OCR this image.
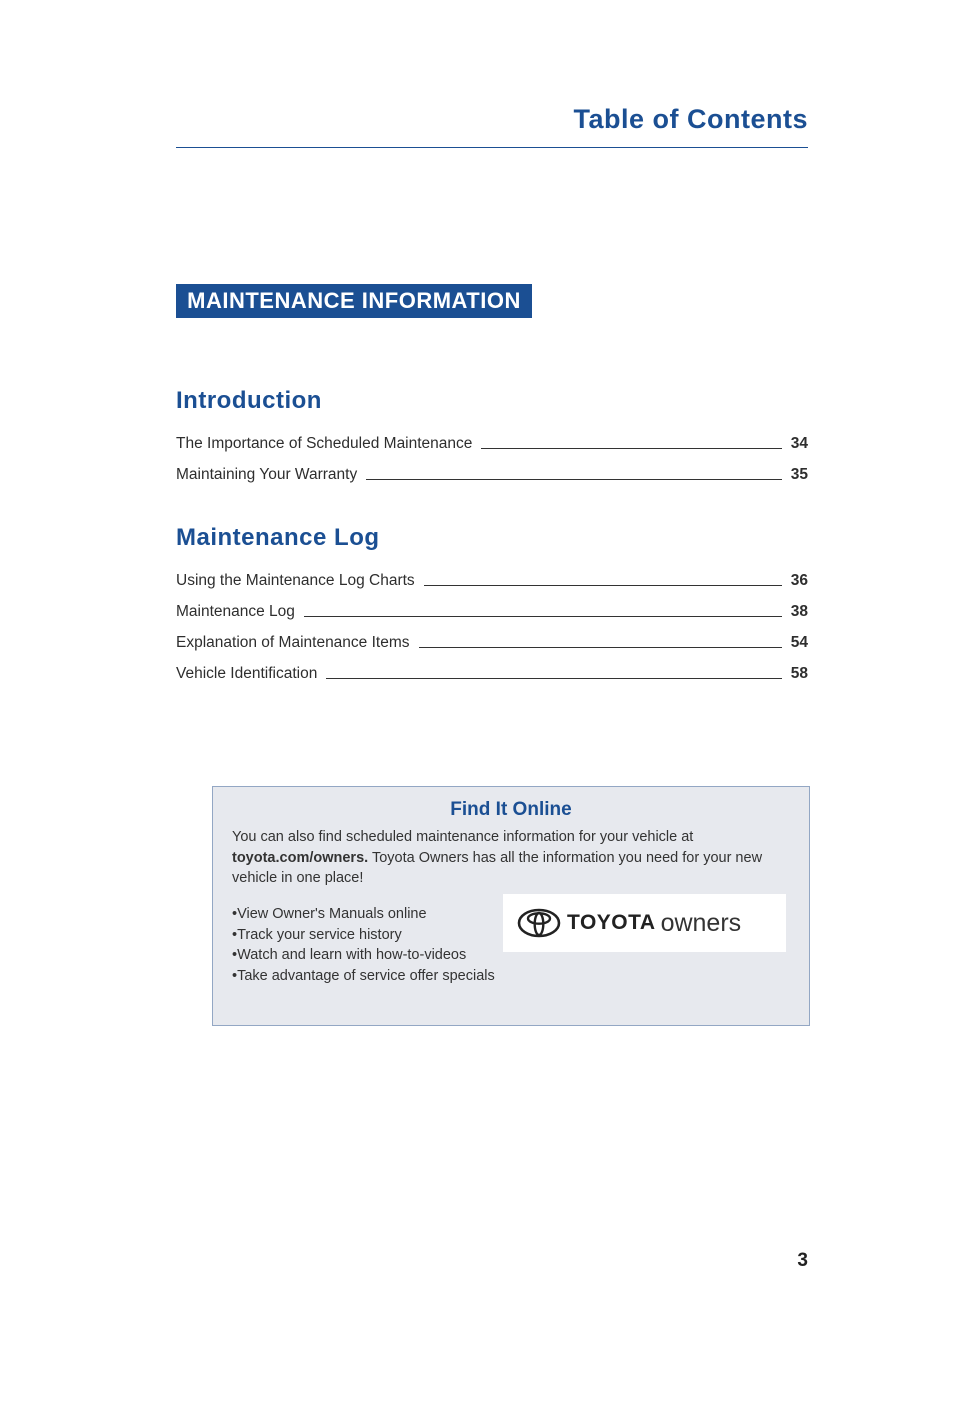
Table of Contents
MAINTENANCE INFORMATION
Introduction
The Importance of Scheduled Maintenance	34
Maintaining Your Warranty	35
Maintenance Log
Using the Maintenance Log Charts	36
Maintenance Log	38
Explanation of Maintenance Items	54
Vehicle Identification	58
Find It Online
You can also find scheduled maintenance information for your vehicle at
toyota.com/owners. Toyota Owners has all the information you need for your new vehicle in one place!
•View Owner's Manuals online
•Track your service history
•Watch and learn with how-to-videos
•Take advantage of service offer specials
TOYOTA owners
3
